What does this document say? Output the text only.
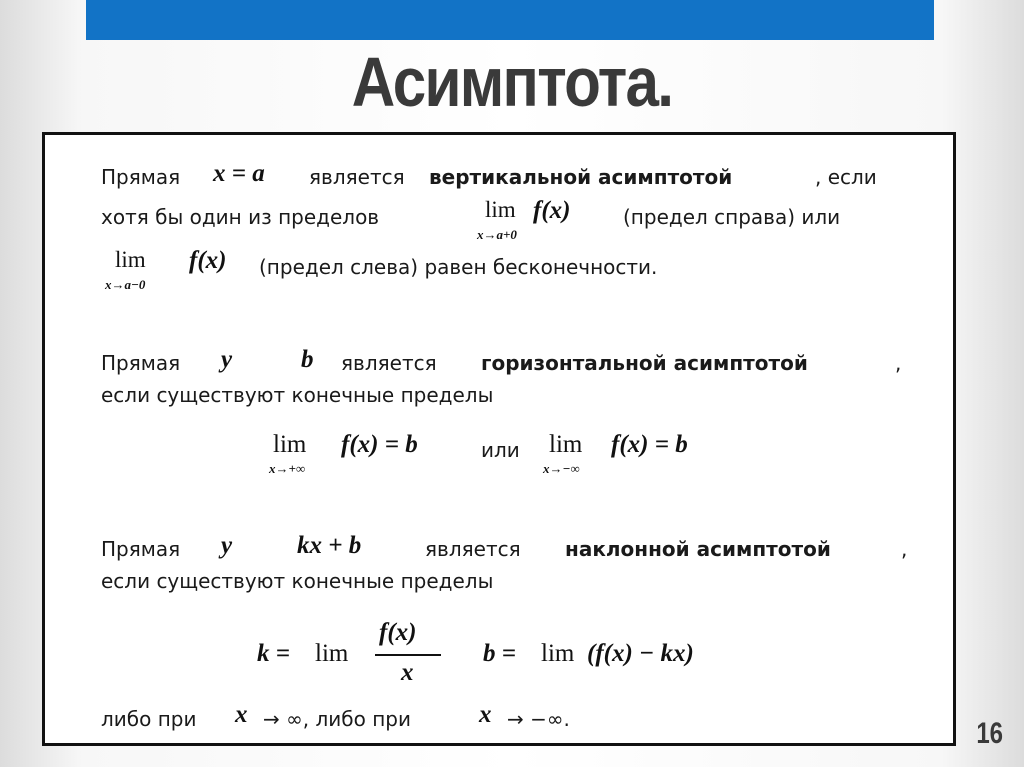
Асимптота.
Прямая x = a является вертикальной асимптотой	, если
хотя бы один из пределов	lim
x→a+0
f(x)	(предел справа) или
lim
x→a−0
f(x) (предел слева) равен бесконечности.
Прямая y	b является горизонтальной асимптотой	,
если существуют конечные пределы
lim
x→+∞
f(x) = b	или lim
x→−∞
f(x) = b
Прямая y	kx + b	является наклонной асимптотой	,
если существуют конечные пределы
k = lim
f(x)
x
b = lim (f(x) − kx)
либо при x → ∞, либо при	x → −∞.	16
